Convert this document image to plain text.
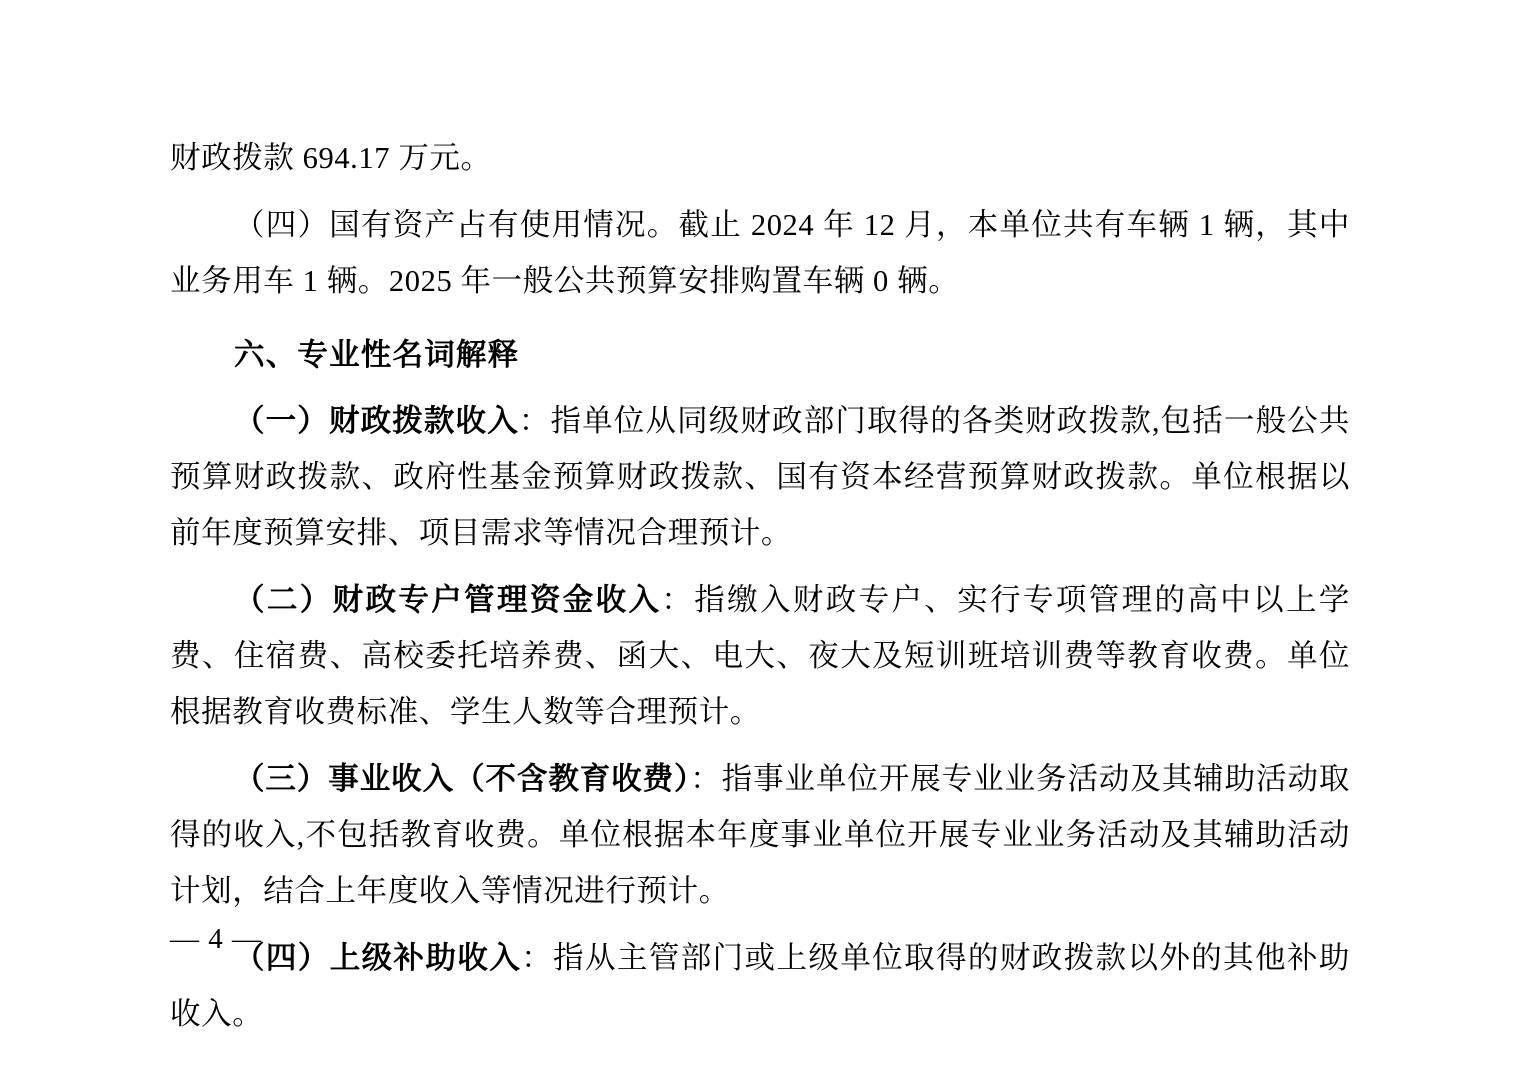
财政拨款 694.17 万元。

（四）国有资产占有使用情况。截止 2024 年 12 月，本单位共有车辆 1 辆，其中业务用车 1 辆。2025 年一般公共预算安排购置车辆 0 辆。

六、专业性名词解释

（一）财政拨款收入：指单位从同级财政部门取得的各类财政拨款,包括一般公共预算财政拨款、政府性基金预算财政拨款、国有资本经营预算财政拨款。单位根据以前年度预算安排、项目需求等情况合理预计。

（二）财政专户管理资金收入：指缴入财政专户、实行专项管理的高中以上学费、住宿费、高校委托培养费、函大、电大、夜大及短训班培训费等教育收费。单位根据教育收费标准、学生人数等合理预计。

（三）事业收入（不含教育收费）：指事业单位开展专业业务活动及其辅助活动取得的收入,不包括教育收费。单位根据本年度事业单位开展专业业务活动及其辅助活动计划，结合上年度收入等情况进行预计。

（四）上级补助收入：指从主管部门或上级单位取得的财政拨款以外的其他补助收入。

— 4 —
